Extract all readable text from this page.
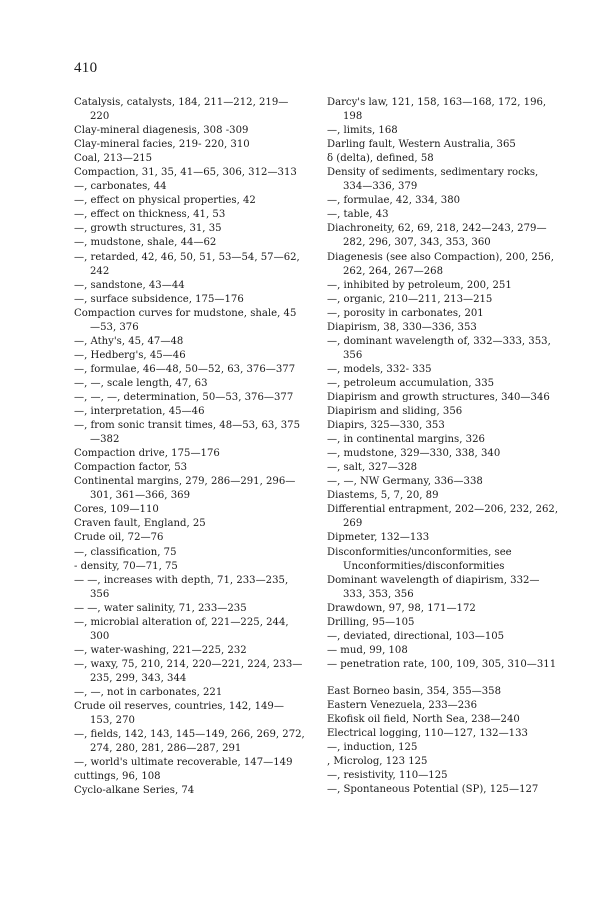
410
Catalysis, catalysts, 184, 211—212, 219—220
Clay-mineral diagenesis, 308 -309
Clay-mineral facies, 219- 220, 310
Coal, 213—215
Compaction, 31, 35, 41—65, 306, 312—313
—, carbonates, 44
—, effect on physical properties, 42
—, effect on thickness, 41, 53
—, growth structures, 31, 35
—, mudstone, shale, 44—62
—, retarded, 42, 46, 50, 51, 53—54, 57—62, 242
—, sandstone, 43—44
—, surface subsidence, 175—176
Compaction curves for mudstone, shale, 45—53, 376
—, Athy's, 45, 47—48
—, Hedberg's, 45—46
—, formulae, 46—48, 50—52, 63, 376—377
—, —, scale length, 47, 63
—, —, —, determination, 50—53, 376—377
—, interpretation, 45—46
—, from sonic transit times, 48—53, 63, 375—382
Compaction drive, 175—176
Compaction factor, 53
Continental margins, 279, 286—291, 296—301, 361—366, 369
Cores, 109—110
Craven fault, England, 25
Crude oil, 72—76
—, classification, 75
- density, 70—71, 75
— —, increases with depth, 71, 233—235, 356
— —, water salinity, 71, 233—235
—, microbial alteration of, 221—225, 244, 300
—, water-washing, 221—225, 232
—, waxy, 75, 210, 214, 220—221, 224, 233—235, 299, 343, 344
—, —, not in carbonates, 221
Crude oil reserves, countries, 142, 149—153, 270
—, fields, 142, 143, 145—149, 266, 269, 272, 274, 280, 281, 286—287, 291
—, world's ultimate recoverable, 147—149
cuttings, 96, 108
Cyclo-alkane Series, 74
Darcy's law, 121, 158, 163—168, 172, 196, 198
—, limits, 168
Darling fault, Western Australia, 365
δ (delta), defined, 58
Density of sediments, sedimentary rocks, 334—336, 379
—, formulae, 42, 334, 380
—, table, 43
Diachroneity, 62, 69, 218, 242—243, 279—282, 296, 307, 343, 353, 360
Diagenesis (see also Compaction), 200, 256, 262, 264, 267—268
—, inhibited by petroleum, 200, 251
—, organic, 210—211, 213—215
—, porosity in carbonates, 201
Diapirism, 38, 330—336, 353
—, dominant wavelength of, 332—333, 353, 356
—, models, 332- 335
—, petroleum accumulation, 335
Diapirism and growth structures, 340—346
Diapirism and sliding, 356
Diapirs, 325—330, 353
—, in continental margins, 326
—, mudstone, 329—330, 338, 340
—, salt, 327—328
—, —, NW Germany, 336—338
Diastems, 5, 7, 20, 89
Differential entrapment, 202—206, 232, 262, 269
Dipmeter, 132—133
Disconformities/unconformities, see Unconformities/disconformities
Dominant wavelength of diapirism, 332—333, 353, 356
Drawdown, 97, 98, 171—172
Drilling, 95—105
—, deviated, directional, 103—105
— mud, 99, 108
— penetration rate, 100, 109, 305, 310—311
East Borneo basin, 354, 355—358
Eastern Venezuela, 233—236
Ekofisk oil field, North Sea, 238—240
Electrical logging, 110—127, 132—133
—, induction, 125
, Microlog, 123 125
—, resistivity, 110—125
—, Spontaneous Potential (SP), 125—127
